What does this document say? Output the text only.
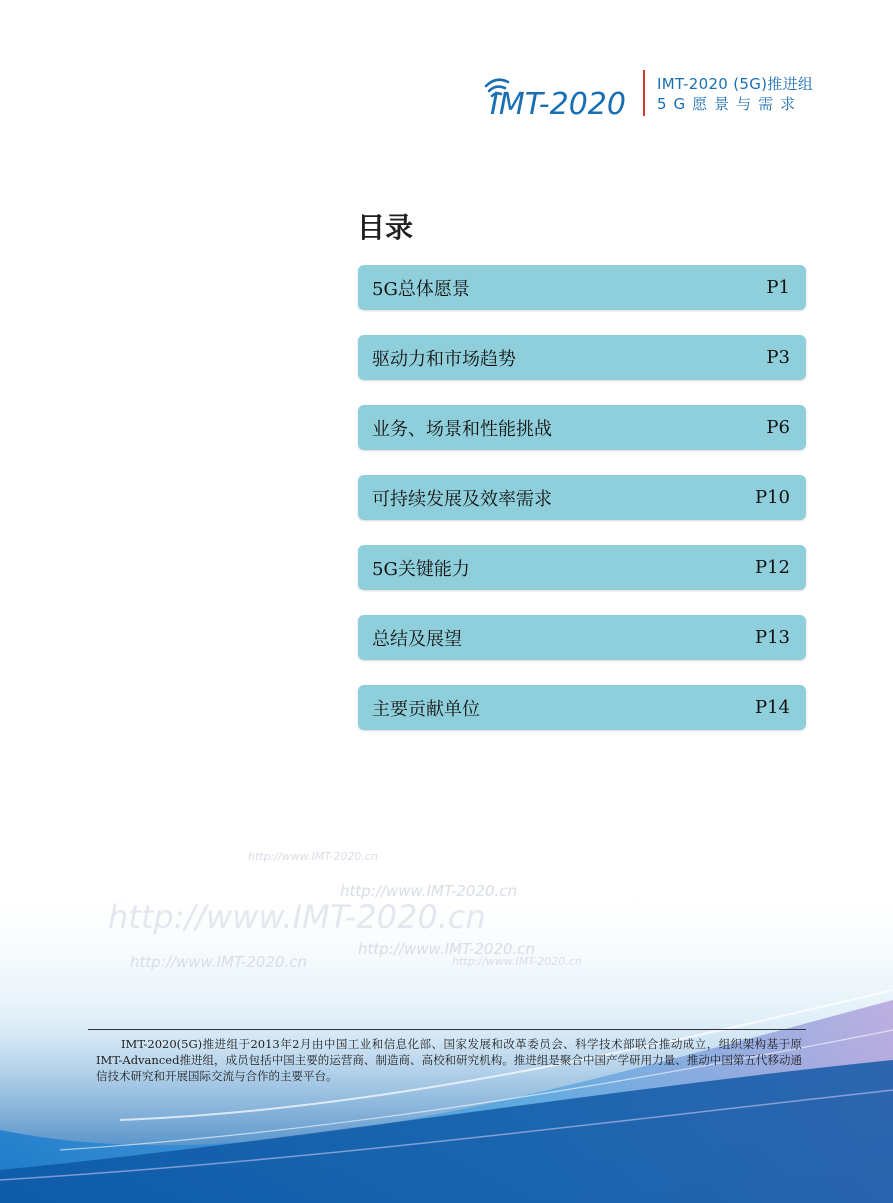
IMT-2020
IMT-2020 (5G)推进组
5G愿景与需求
目录
5G总体愿景	P1
驱动力和市场趋势	P3
业务、场景和性能挑战	P6
可持续发展及效率需求	P10
5G关键能力	P12
总结及展望	P13
主要贡献单位	P14
http://www.IMT-2020.cn
http://www.IMT-2020.cn
http://www.IMT-2020.cn
http://www.IMT-2020.cn
http://www.IMT-2020.cn	http://www.IMT-2020.cn
IMT-2020(5G)推进组于2013年2月由中国工业和信息化部、国家发展和改革委员会、科学技术部联合推动成立，组织架构基于原IMT-Advanced推进组，成员包括中国主要的运营商、制造商、高校和研究机构。推进组是聚合中国产学研用力量、推动中国第五代移动通信技术研究和开展国际交流与合作的主要平台。
